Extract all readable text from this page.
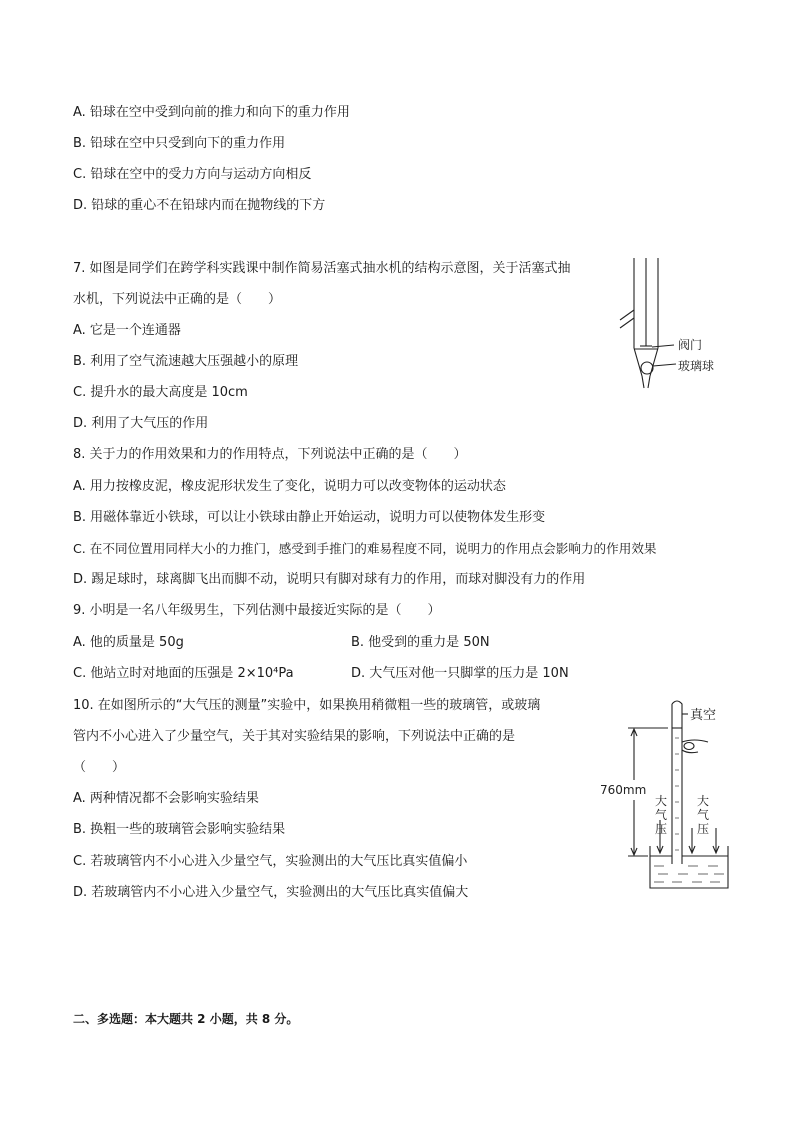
A. 铅球在空中受到向前的推力和向下的重力作用
B. 铅球在空中只受到向下的重力作用
C. 铅球在空中的受力方向与运动方向相反
D. 铅球的重心不在铅球内而在抛物线的下方
7. 如图是同学们在跨学科实践课中制作简易活塞式抽水机的结构示意图，关于活塞式抽
水机，下列说法中正确的是（　　）
A. 它是一个连通器
B. 利用了空气流速越大压强越小的原理
C. 提升水的最大高度是 10cm
D. 利用了大气压的作用
阀门
玻璃球
8. 关于力的作用效果和力的作用特点，下列说法中正确的是（　　）
A. 用力按橡皮泥，橡皮泥形状发生了变化，说明力可以改变物体的运动状态
B. 用磁体靠近小铁球，可以让小铁球由静止开始运动，说明力可以使物体发生形变
C. 在不同位置用同样大小的力推门，感受到手推门的难易程度不同，说明力的作用点会影响力的作用效果
D. 踢足球时，球离脚飞出而脚不动，说明只有脚对球有力的作用，而球对脚没有力的作用
9. 小明是一名八年级男生，下列估测中最接近实际的是（　　）
A. 他的质量是 50g	B. 他受到的重力是 50N
C. 他站立时对地面的压强是 2×10⁴Pa	D. 大气压对他一只脚掌的压力是 10N
10. 在如图所示的“大气压的测量”实验中，如果换用稍微粗一些的玻璃管，或玻璃
管内不小心进入了少量空气，关于其对实验结果的影响，下列说法中正确的是
（　　）
A. 两种情况都不会影响实验结果
B. 换粗一些的玻璃管会影响实验结果
C. 若玻璃管内不小心进入少量空气，实验测出的大气压比真实值偏小
D. 若玻璃管内不小心进入少量空气，实验测出的大气压比真实值偏大
真空
760mm
大
气
压
大
气
压
二、多选题：本大题共 2 小题，共 8 分。
